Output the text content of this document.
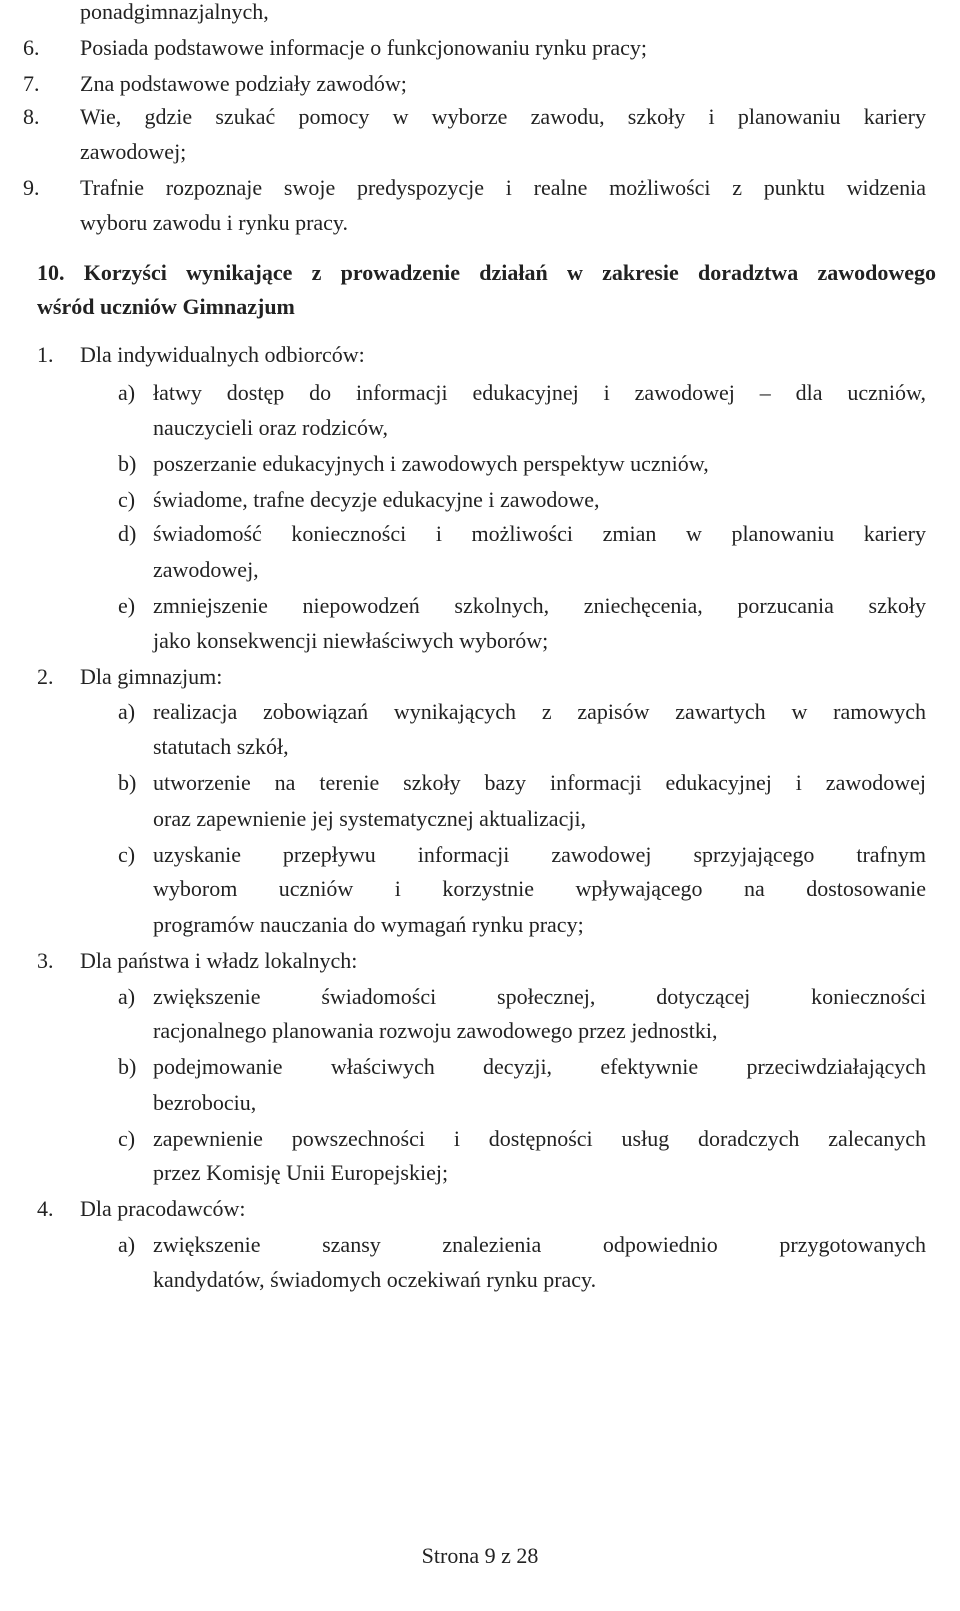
ponadgimnazjalnych,
6. Posiada podstawowe informacje o funkcjonowaniu rynku pracy;
7. Zna podstawowe podziały zawodów;
8. Wie, gdzie szukać pomocy w wyborze zawodu, szkoły i planowaniu kariery
zawodowej;
9. Trafnie rozpoznaje swoje predyspozycje i realne możliwości z punktu widzenia
wyboru zawodu i rynku pracy.
10. Korzyści wynikające z prowadzenie działań w zakresie doradztwa zawodowego
wśród uczniów Gimnazjum
1. Dla indywidualnych odbiorców:
a) łatwy dostęp do informacji edukacyjnej i zawodowej – dla uczniów,
nauczycieli oraz rodziców,
b) poszerzanie edukacyjnych i zawodowych perspektyw uczniów,
c) świadome, trafne decyzje edukacyjne i zawodowe,
d) świadomość konieczności i możliwości zmian w planowaniu kariery
zawodowej,
e) zmniejszenie niepowodzeń szkolnych, zniechęcenia, porzucania szkoły
jako konsekwencji niewłaściwych wyborów;
2. Dla gimnazjum:
a) realizacja zobowiązań wynikających z zapisów zawartych w ramowych
statutach szkół,
b) utworzenie na terenie szkoły bazy informacji edukacyjnej i zawodowej
oraz zapewnienie jej systematycznej aktualizacji,
c) uzyskanie przepływu informacji zawodowej sprzyjającego trafnym
wyborom uczniów i korzystnie wpływającego na dostosowanie
programów nauczania do wymagań rynku pracy;
3. Dla państwa i władz lokalnych:
a) zwiększenie świadomości społecznej, dotyczącej konieczności
racjonalnego planowania rozwoju zawodowego przez jednostki,
b) podejmowanie właściwych decyzji, efektywnie przeciwdziałających
bezrobociu,
c) zapewnienie powszechności i dostępności usług doradczych zalecanych
przez Komisję Unii Europejskiej;
4. Dla pracodawców:
a) zwiększenie szansy znalezienia odpowiednio przygotowanych
kandydatów, świadomych oczekiwań rynku pracy.
Strona 9 z 28
